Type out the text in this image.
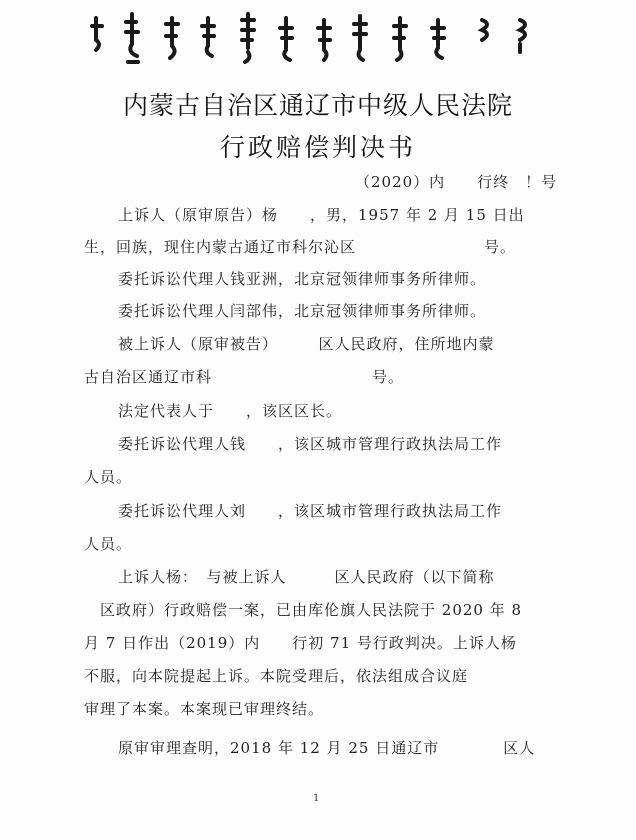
内蒙古自治区通辽市中级人民法院
行政赔偿判决书
（2020）内　　行终　！号
上诉人（原审原告）杨　　，男，1957 年 2 月 15 日出
生，回族，现住内蒙古通辽市科尔沁区　　　　　　　　号。
委托诉讼代理人钱亚洲，北京冠领律师事务所律师。
委托诉讼代理人闫部伟，北京冠领律师事务所律师。
被上诉人（原审被告）　　　区人民政府，住所地内蒙
古自治区通辽市科　　　　　　　　　　号。
法定代表人于　　，该区区长。
委托诉讼代理人钱　　，该区城市管理行政执法局工作
人员。
委托诉讼代理人刘　　，该区城市管理行政执法局工作
人员。
上诉人杨：　与被上诉人　　　区人民政府（以下简称
　区政府）行政赔偿一案，已由库伦旗人民法院于 2020 年 8
月 7 日作出（2019）内　　行初 71 号行政判决。上诉人杨
不服，向本院提起上诉。本院受理后，依法组成合议庭
审理了本案。本案现已审理终结。
原审审理查明，2018 年 12 月 25 日通辽市　　　　区人
1
